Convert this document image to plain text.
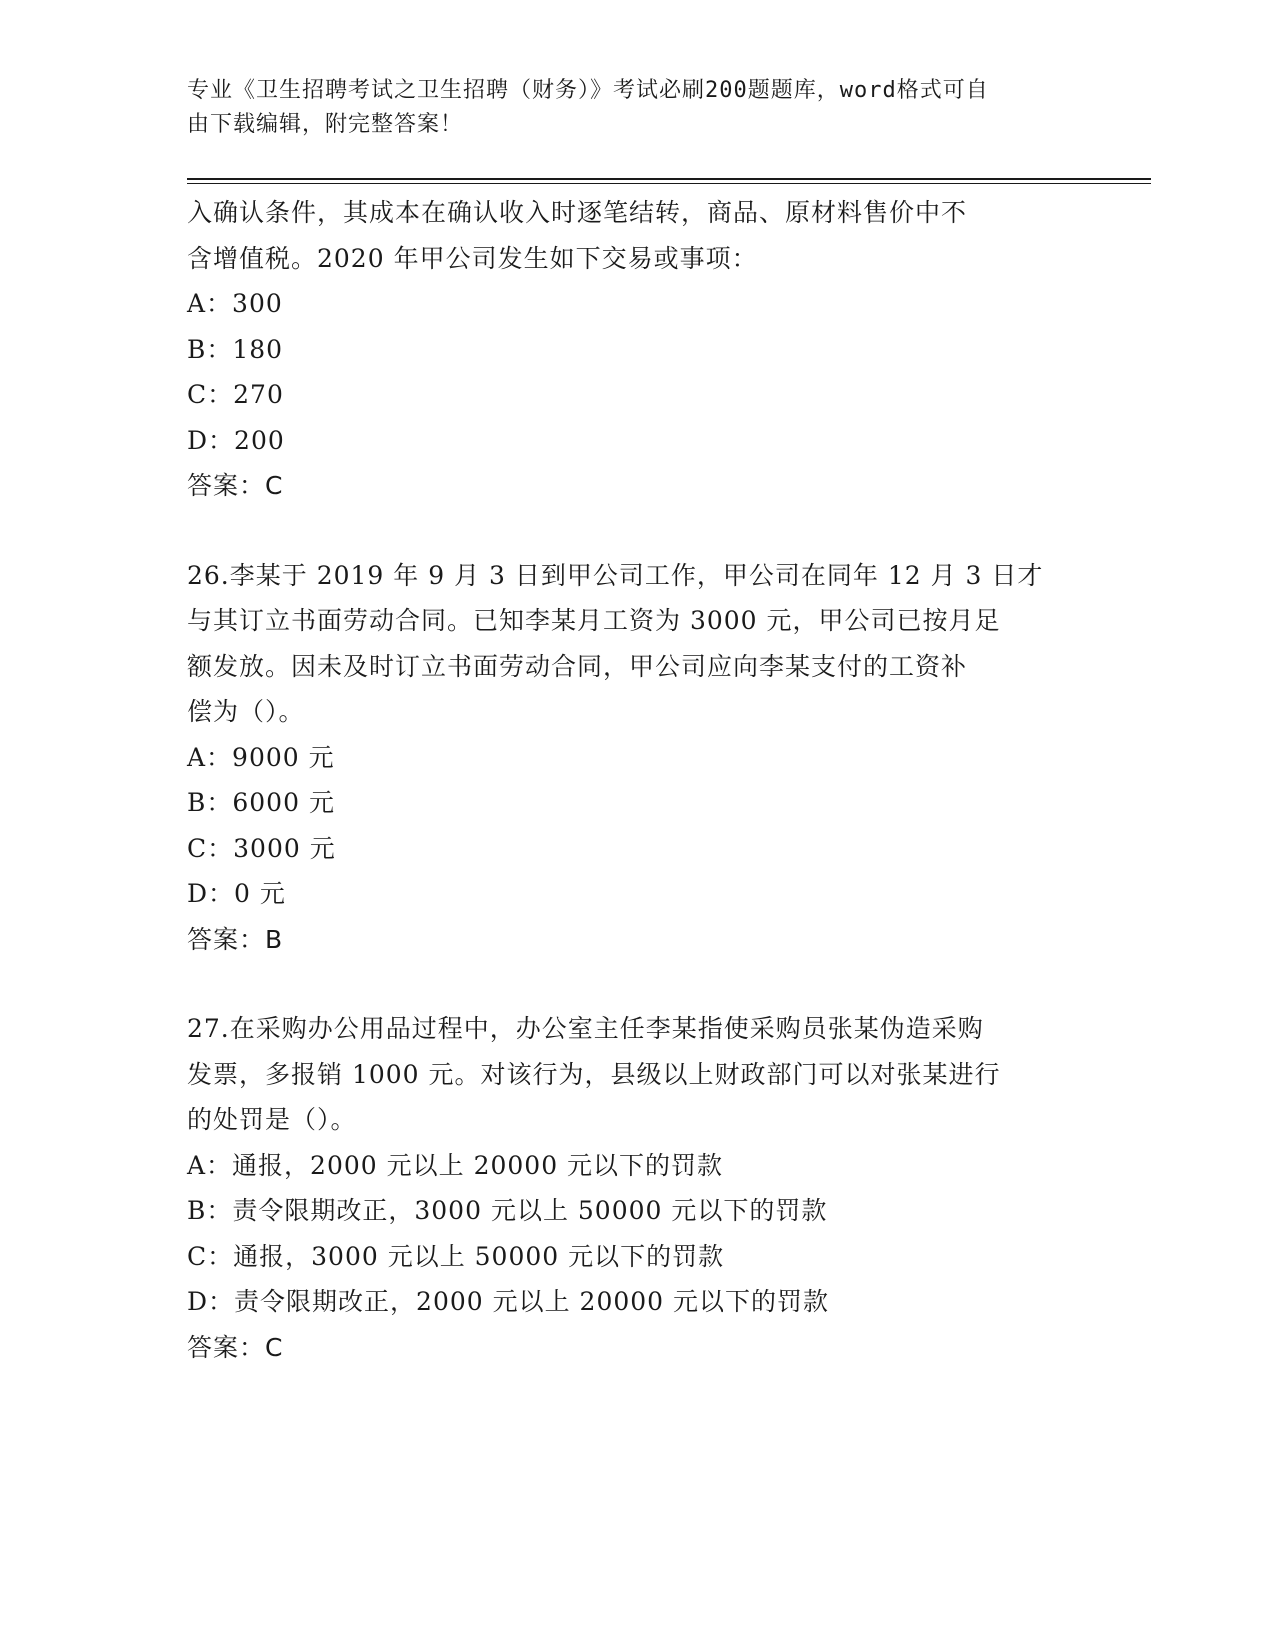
专业《卫生招聘考试之卫生招聘（财务）》考试必刷200题题库，word格式可自
由下载编辑，附完整答案！
入确认条件，其成本在确认收入时逐笔结转，商品、原材料售价中不
含增值税。2020 年甲公司发生如下交易或事项：
A：300
B：180
C：270
D：200
答案：C
26.李某于 2019 年 9 月 3 日到甲公司工作，甲公司在同年 12 月 3 日才
与其订立书面劳动合同。已知李某月工资为 3000 元，甲公司已按月足
额发放。因未及时订立书面劳动合同，甲公司应向李某支付的工资补
偿为（）。
A：9000 元
B：6000 元
C：3000 元
D：0 元
答案：B
27.在采购办公用品过程中，办公室主任李某指使采购员张某伪造采购
发票，多报销 1000 元。对该行为，县级以上财政部门可以对张某进行
的处罚是（）。
A：通报，2000 元以上 20000 元以下的罚款
B：责令限期改正，3000 元以上 50000 元以下的罚款
C：通报，3000 元以上 50000 元以下的罚款
D：责令限期改正，2000 元以上 20000 元以下的罚款
答案：C
